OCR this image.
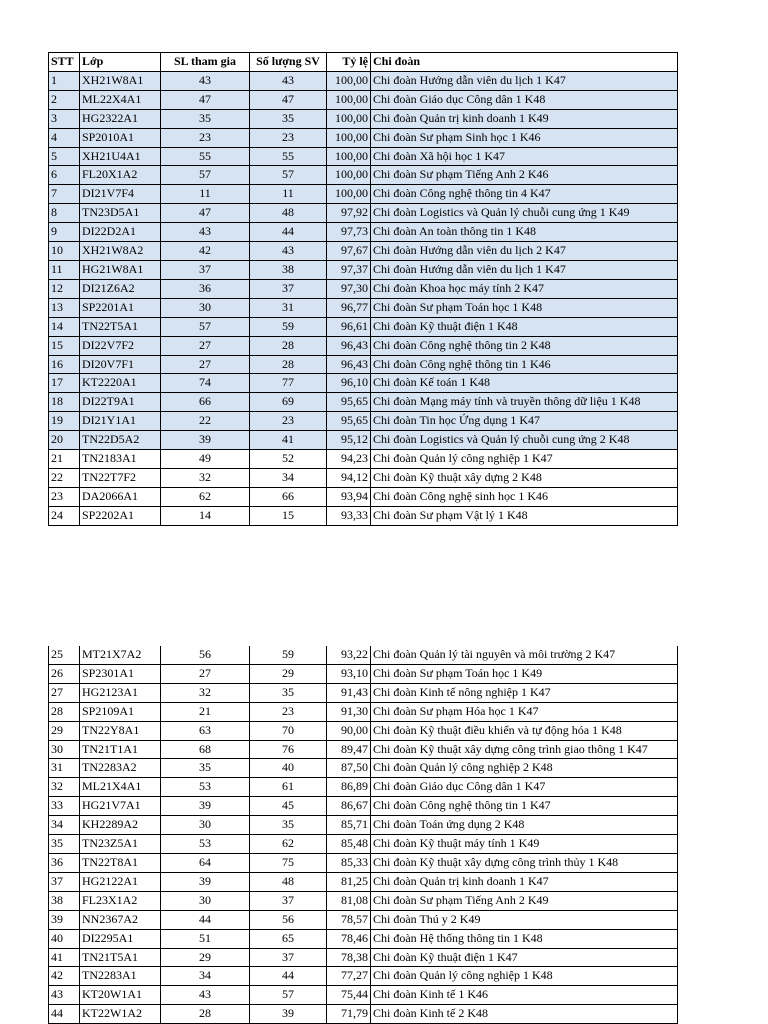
STT	Lớp	SL tham gia	Số lượng SV	Tỷ lệ	Chi đoàn
1	XH21W8A1	43	43	100,00	Chi đoàn Hướng dẫn viên du lịch 1 K47
2	ML22X4A1	47	47	100,00	Chi đoàn Giáo dục Công dân 1 K48
3	HG2322A1	35	35	100,00	Chi đoàn Quản trị kinh doanh 1 K49
4	SP2010A1	23	23	100,00	Chi đoàn Sư phạm Sinh học 1 K46
5	XH21U4A1	55	55	100,00	Chi đoàn Xã hội học 1 K47
6	FL20X1A2	57	57	100,00	Chi đoàn Sư phạm Tiếng Anh 2 K46
7	DI21V7F4	11	11	100,00	Chi đoàn Công nghệ thông tin 4 K47
8	TN23D5A1	47	48	97,92	Chi đoàn Logistics và Quản lý chuỗi cung ứng 1 K49
9	DI22D2A1	43	44	97,73	Chi đoàn An toàn thông tin 1 K48
10	XH21W8A2	42	43	97,67	Chi đoàn Hướng dẫn viên du lịch 2 K47
11	HG21W8A1	37	38	97,37	Chi đoàn Hướng dẫn viên du lịch 1 K47
12	DI21Z6A2	36	37	97,30	Chi đoàn Khoa học máy tính 2 K47
13	SP2201A1	30	31	96,77	Chi đoàn Sư phạm Toán học 1 K48
14	TN22T5A1	57	59	96,61	Chi đoàn Kỹ thuật điện 1 K48
15	DI22V7F2	27	28	96,43	Chi đoàn Công nghệ thông tin 2 K48
16	DI20V7F1	27	28	96,43	Chi đoàn Công nghệ thông tin 1 K46
17	KT2220A1	74	77	96,10	Chi đoàn Kế toán 1 K48
18	DI22T9A1	66	69	95,65	Chi đoàn Mạng máy tính và truyền thông dữ liệu 1 K48
19	DI21Y1A1	22	23	95,65	Chi đoàn Tin học Ứng dụng 1 K47
20	TN22D5A2	39	41	95,12	Chi đoàn Logistics và Quản lý chuỗi cung ứng 2 K48
21	TN2183A1	49	52	94,23	Chi đoàn Quản lý công nghiệp 1 K47
22	TN22T7F2	32	34	94,12	Chi đoàn Kỹ thuật xây dựng 2 K48
23	DA2066A1	62	66	93,94	Chi đoàn Công nghệ sinh học 1 K46
24	SP2202A1	14	15	93,33	Chi đoàn Sư phạm Vật lý 1 K48
25	MT21X7A2	56	59	93,22	Chi đoàn Quản lý tài nguyên và môi trường 2 K47
26	SP2301A1	27	29	93,10	Chi đoàn Sư phạm Toán học 1 K49
27	HG2123A1	32	35	91,43	Chi đoàn Kinh tế nông nghiệp 1 K47
28	SP2109A1	21	23	91,30	Chi đoàn Sư phạm Hóa học 1 K47
29	TN22Y8A1	63	70	90,00	Chi đoàn Kỹ thuật điều khiển và tự động hóa 1 K48
30	TN21T1A1	68	76	89,47	Chi đoàn Kỹ thuật xây dựng công trình giao thông 1 K47
31	TN2283A2	35	40	87,50	Chi đoàn Quản lý công nghiệp 2 K48
32	ML21X4A1	53	61	86,89	Chi đoàn Giáo dục Công dân 1 K47
33	HG21V7A1	39	45	86,67	Chi đoàn Công nghệ thông tin 1 K47
34	KH2289A2	30	35	85,71	Chi đoàn Toán ứng dụng 2 K48
35	TN23Z5A1	53	62	85,48	Chi đoàn Kỹ thuật máy tính 1 K49
36	TN22T8A1	64	75	85,33	Chi đoàn Kỹ thuật xây dựng công trình thủy 1 K48
37	HG2122A1	39	48	81,25	Chi đoàn Quản trị kinh doanh 1 K47
38	FL23X1A2	30	37	81,08	Chi đoàn Sư phạm Tiếng Anh 2 K49
39	NN2367A2	44	56	78,57	Chi đoàn Thú y 2 K49
40	DI2295A1	51	65	78,46	Chi đoàn Hệ thống thông tin 1 K48
41	TN21T5A1	29	37	78,38	Chi đoàn Kỹ thuật điện 1 K47
42	TN2283A1	34	44	77,27	Chi đoàn Quản lý công nghiệp 1 K48
43	KT20W1A1	43	57	75,44	Chi đoàn Kinh tế 1 K46
44	KT22W1A2	28	39	71,79	Chi đoàn Kinh tế 2 K48
